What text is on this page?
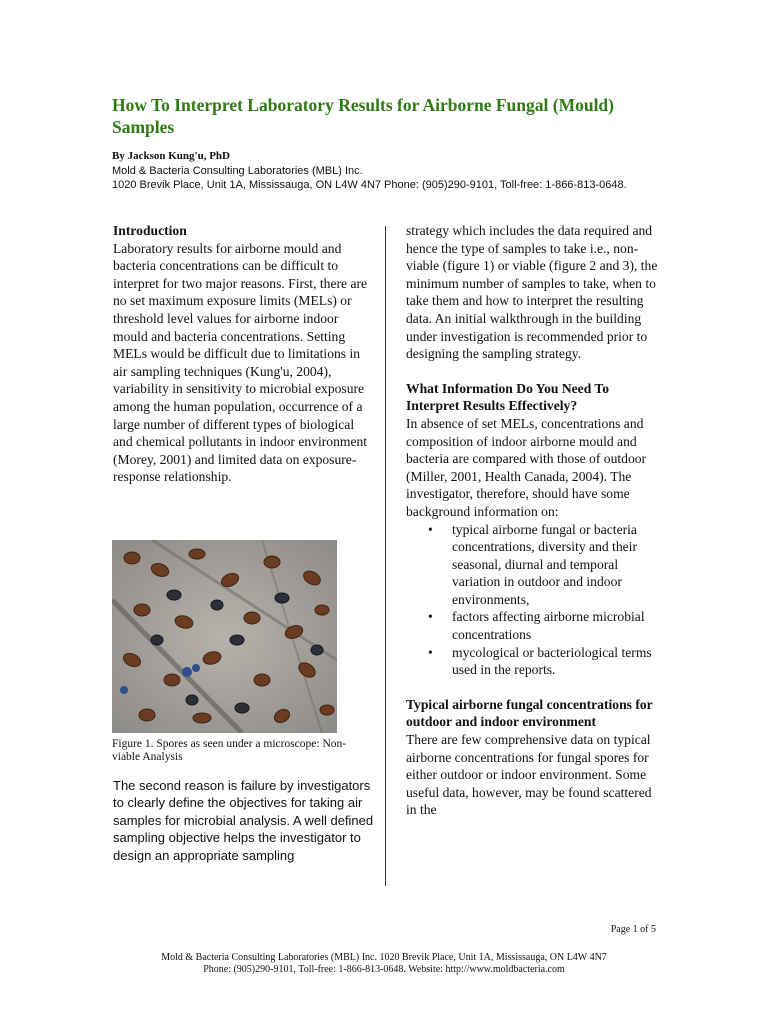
How To Interpret Laboratory Results for Airborne Fungal (Mould) Samples
By Jackson Kung'u, PhD
Mold & Bacteria Consulting Laboratories (MBL) Inc.
1020 Brevik Place, Unit 1A, Mississauga, ON L4W 4N7 Phone: (905)290-9101, Toll-free: 1-866-813-0648.
Introduction

Laboratory results for airborne mould and bacteria concentrations can be difficult to interpret for two major reasons. First, there are no set maximum exposure limits (MELs) or threshold level values for airborne indoor mould and bacteria concentrations. Setting MELs would be difficult due to limitations in air sampling techniques (Kung'u, 2004), variability in sensitivity to microbial exposure among the human population, occurrence of a large number of different types of biological and chemical pollutants in indoor environment (Morey, 2001) and limited data on exposure-response relationship.

Figure 1. Spores as seen under a microscope: Non-viable Analysis

The second reason is failure by investigators to clearly define the objectives for taking air samples for microbial analysis. A well defined sampling objective helps the investigator to design an appropriate sampling

strategy which includes the data required and hence the type of samples to take i.e., non-viable (figure 1) or viable (figure 2 and 3), the minimum number of samples to take, when to take them and how to interpret the resulting data. An initial walkthrough in the building under investigation is recommended prior to designing the sampling strategy.

What Information Do You Need To Interpret Results Effectively?

In absence of set MELs, concentrations and composition of indoor airborne mould and bacteria are compared with those of outdoor (Miller, 2001, Health Canada, 2004). The investigator, therefore, should have some background information on:

• typical airborne fungal or bacteria concentrations, diversity and their seasonal, diurnal and temporal variation in outdoor and indoor environments,
• factors affecting airborne microbial concentrations
• mycological or bacteriological terms used in the reports.
Typical airborne fungal concentrations for outdoor and indoor environment

There are few comprehensive data on typical airborne concentrations for fungal spores for either outdoor or indoor environment. Some useful data, however, may be found scattered in the

Page 1 of 5
Mold & Bacteria Consulting Laboratories (MBL) Inc. 1020 Brevik Place, Unit 1A, Mississauga, ON L4W 4N7
Phone: (905)290-9101, Toll-free: 1-866-813-0648. Website: http://www.moldbacteria.com
